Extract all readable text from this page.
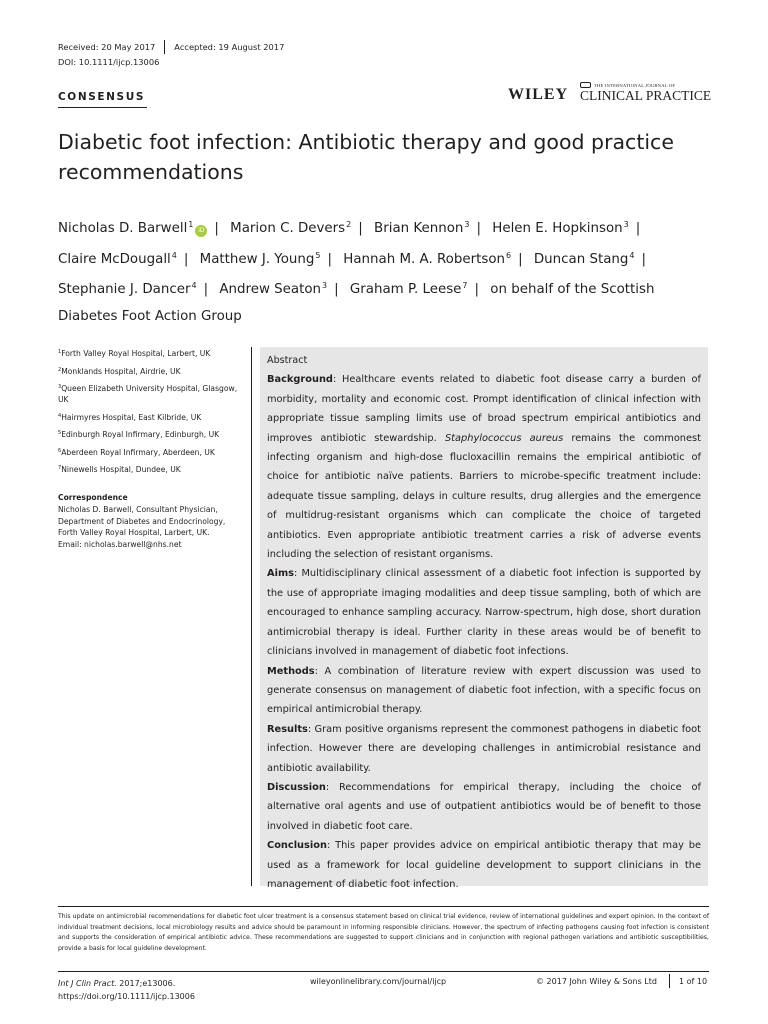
Received: 20 May 2017 Accepted: 19 August 2017
DOI: 10.1111/ijcp.13006
CONSENSUS	WILEY
THE INTERNATIONAL JOURNAL OF
CLINICAL PRACTICE
Diabetic foot infection: Antibiotic therapy and good practice recommendations
Nicholas D. Barwell$^1$iD | Marion C. Devers$^2$ | Brian Kennon$^3$ | Helen E. Hopkinson$^3$ |
Claire McDougall$^4$ | Matthew J. Young$^5$ | Hannah M. A. Robertson$^6$ | Duncan Stang$^4$ |
Stephanie J. Dancer$^4$ | Andrew Seaton$^3$ | Graham P. Leese$^7$ | on behalf of the Scottish
Diabetes Foot Action Group
$^1$Forth Valley Royal Hospital, Larbert, UK
$^2$Monklands Hospital, Airdrie, UK
$^3$Queen Elizabeth University Hospital, Glasgow, UK
$^4$Hairmyres Hospital, East Kilbride, UK
$^5$Edinburgh Royal Infirmary, Edinburgh, UK
$^6$Aberdeen Royal Infirmary, Aberdeen, UK
$^7$Ninewells Hospital, Dundee, UK
Correspondence
Nicholas D. Barwell, Consultant Physician,
Department of Diabetes and Endocrinology,
Forth Valley Royal Hospital, Larbert, UK.
Email: nicholas.barwell@nhs.net

Abstract

Background: Healthcare events related to diabetic foot disease carry a burden of morbidity, mortality and economic cost. Prompt identification of clinical infection with appropriate tissue sampling limits use of broad spectrum empirical antibiotics and improves antibiotic stewardship. Staphylococcus aureus remains the commonest infecting organism and high-dose flucloxacillin remains the empirical antibiotic of choice for antibiotic naïve patients. Barriers to microbe-specific treatment include: adequate tissue sampling, delays in culture results, drug allergies and the emergence of multidrug-resistant organisms which can complicate the choice of targeted antibiotics. Even appropriate antibiotic treatment carries a risk of adverse events including the selection of resistant organisms.

Aims: Multidisciplinary clinical assessment of a diabetic foot infection is supported by the use of appropriate imaging modalities and deep tissue sampling, both of which are encouraged to enhance sampling accuracy. Narrow-spectrum, high dose, short duration antimicrobial therapy is ideal. Further clarity in these areas would be of benefit to clinicians involved in management of diabetic foot infections.

Methods: A combination of literature review with expert discussion was used to generate consensus on management of diabetic foot infection, with a specific focus on empirical antimicrobial therapy.

Results: Gram positive organisms represent the commonest pathogens in diabetic foot infection. However there are developing challenges in antimicrobial resistance and antibiotic availability.

Discussion: Recommendations for empirical therapy, including the choice of alternative oral agents and use of outpatient antibiotics would be of benefit to those involved in diabetic foot care.

Conclusion: This paper provides advice on empirical antibiotic therapy that may be used as a framework for local guideline development to support clinicians in the management of diabetic foot infection.

This update on antimicrobial recommendations for diabetic foot ulcer treatment is a consensus statement based on clinical trial evidence, review of international guidelines and expert opinion. In the context of individual treatment decisions, local microbiology results and advice should be paramount in informing responsible clinicians. However, the spectrum of infecting pathogens causing foot infection is consistent and supports the consideration of empirical antibiotic advice. These recommendations are suggested to support clinicians and in conjunction with regional pathogen variations and antibiotic susceptibilities, provide a basis for local guideline development.
Int J Clin Pract. 2017;e13006.
https://doi.org/10.1111/ijcp.13006
wileyonlinelibrary.com/journal/ijcp	© 2017 John Wiley & Sons Ltd	1 of 10
